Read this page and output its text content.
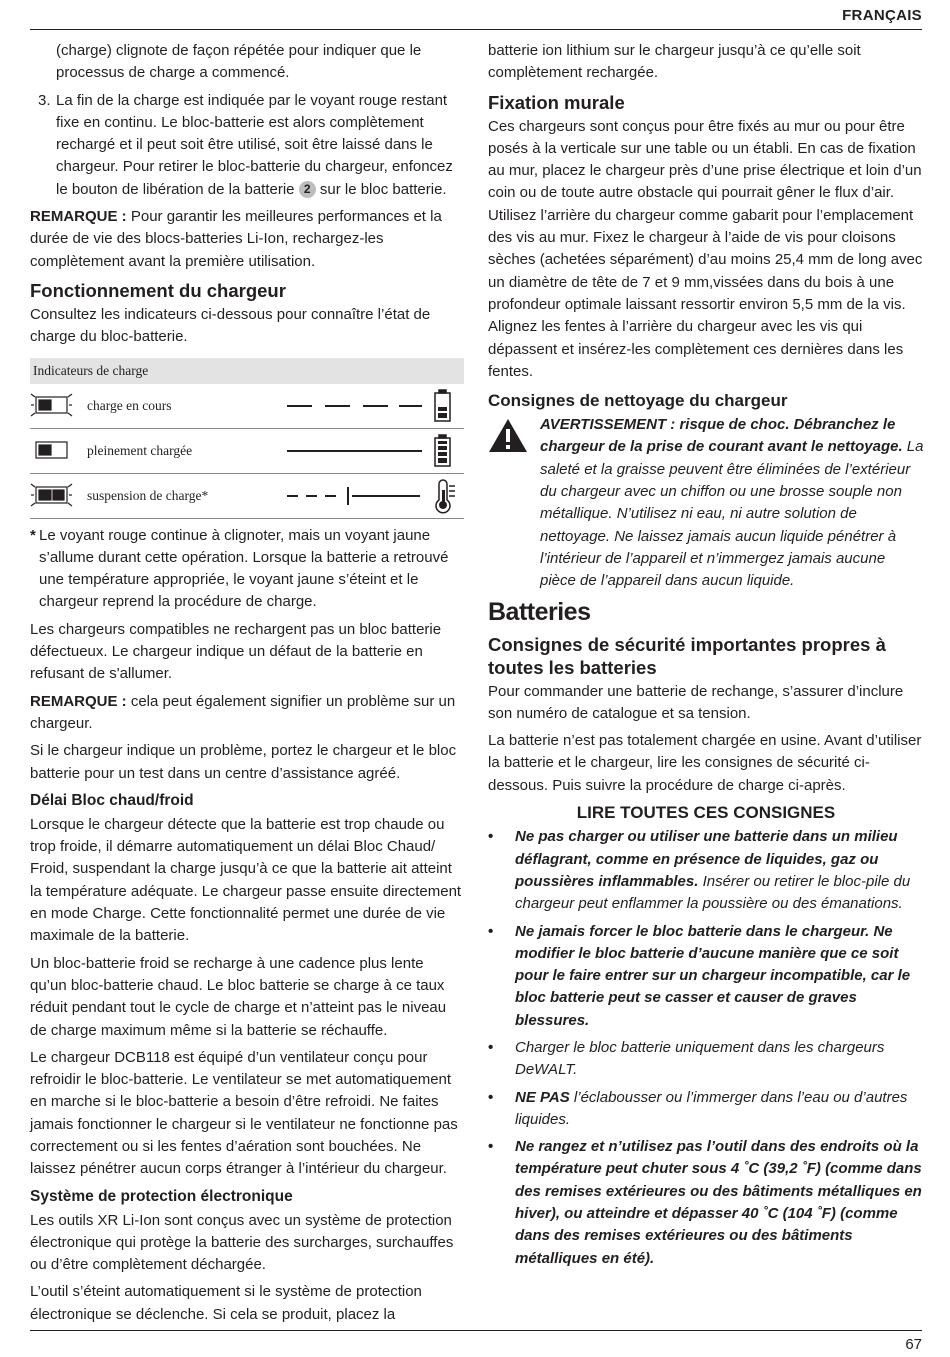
FRANÇAIS

(charge) clignote de façon répétée pour indiquer que le processus de charge a commencé.

3. La fin de la charge est indiquée par le voyant rouge restant fixe en continu. Le bloc-batterie est alors complètement rechargé et il peut soit être utilisé, soit être laissé dans le chargeur. Pour retirer le bloc-batterie du chargeur, enfoncez le bouton de libération de la batterie 2 sur le bloc batterie.

REMARQUE : Pour garantir les meilleures performances et la durée de vie des blocs-batteries Li-Ion, rechargez-les complètement avant la première utilisation.

Fonctionnement du chargeur

Consultez les indicateurs ci-dessous pour connaître l’état de charge du bloc-batterie.

Indicateurs de charge
charge en cours
pleinement chargée
suspension de charge*

* Le voyant rouge continue à clignoter, mais un voyant jaune s’allume durant cette opération. Lorsque la batterie a retrouvé une température appropriée, le voyant jaune s’éteint et le chargeur reprend la procédure de charge.

Les chargeurs compatibles ne rechargent pas un bloc batterie défectueux. Le chargeur indique un défaut de la batterie en refusant de s'allumer.

REMARQUE : cela peut également signifier un problème sur un chargeur.

Si le chargeur indique un problème, portez le chargeur et le bloc batterie pour un test dans un centre d’assistance agréé.

Délai Bloc chaud/froid

Lorsque le chargeur détecte que la batterie est trop chaude ou trop froide, il démarre automatiquement un délai Bloc Chaud/ Froid, suspendant la charge jusqu’à ce que la batterie ait atteint la température adéquate. Le chargeur passe ensuite directement en mode Charge. Cette fonctionnalité permet une durée de vie maximale de la batterie.

Un bloc-batterie froid se recharge à une cadence plus lente qu’un bloc-batterie chaud. Le bloc batterie se charge à ce taux réduit pendant tout le cycle de charge et n’atteint pas le niveau de charge maximum même si la batterie se réchauffe.

Le chargeur DCB118 est équipé d’un ventilateur conçu pour refroidir le bloc-batterie. Le ventilateur se met automatiquement en marche si le bloc-batterie a besoin d’être refroidi. Ne faites jamais fonctionner le chargeur si le ventilateur ne fonctionne pas correctement ou si les fentes d’aération sont bouchées. Ne laissez pénétrer aucun corps étranger à l’intérieur du chargeur.

Système de protection électronique

Les outils XR Li-Ion sont conçus avec un système de protection électronique qui protège la batterie des surcharges, surchauffes ou d’être complètement déchargée.

L’outil s’éteint automatiquement si le système de protection électronique se déclenche. Si cela se produit, placez la

batterie ion lithium sur le chargeur jusqu’à ce qu’elle soit complètement rechargée.

Fixation murale

Ces chargeurs sont conçus pour être fixés au mur ou pour être posés à la verticale sur une table ou un établi. En cas de fixation au mur, placez le chargeur près d’une prise électrique et loin d’un coin ou de toute autre obstacle qui pourrait gêner le flux d’air. Utilisez l’arrière du chargeur comme gabarit pour l’emplacement des vis au mur. Fixez le chargeur à l’aide de vis pour cloisons sèches (achetées séparément) d’au moins 25,4 mm de long avec un diamètre de tête de 7 et 9 mm,vissées dans du bois à une profondeur optimale laissant ressortir environ 5,5 mm de la vis. Alignez les fentes à l’arrière du chargeur avec les vis qui dépassent et insérez-les complètement ces dernières dans les fentes.

Consignes de nettoyage du chargeur

AVERTISSEMENT : risque de choc. Débranchez le chargeur de la prise de courant avant le nettoyage. La saleté et la graisse peuvent être éliminées de l’extérieur du chargeur avec un chiffon ou une brosse souple non métallique. N’utilisez ni eau, ni autre solution de nettoyage. Ne laissez jamais aucun liquide pénétrer à l’intérieur de l’appareil et n’immergez jamais aucune pièce de l’appareil dans aucun liquide.

Batteries
Consignes de sécurité importantes propres à toutes les batteries

Pour commander une batterie de rechange, s’assurer d’inclure son numéro de catalogue et sa tension.

La batterie n’est pas totalement chargée en usine. Avant d’utiliser la batterie et le chargeur, lire les consignes de sécurité ci-dessous. Puis suivre la procédure de charge ci-après.

LIRE TOUTES CES CONSIGNES
• Ne pas charger ou utiliser une batterie dans un milieu déflagrant, comme en présence de liquides, gaz ou poussières inflammables. Insérer ou retirer le bloc-pile du chargeur peut enflammer la poussière ou des émanations.
• Ne jamais forcer le bloc batterie dans le chargeur. Ne modifier le bloc batterie d’aucune manière que ce soit pour le faire entrer sur un chargeur incompatible, car le bloc batterie peut se casser et causer de graves blessures.
• Charger le bloc batterie uniquement dans les chargeurs DeWALT.
• NE PAS l’éclabousser ou l’immerger dans l’eau ou d’autres liquides.
• Ne rangez et n’utilisez pas l’outil dans des endroits où la température peut chuter sous 4 ˚C (39,2 ˚F) (comme dans des remises extérieures ou des bâtiments métalliques en hiver), ou atteindre et dépasser 40 ˚C (104 ˚F) (comme dans des remises extérieures ou des bâtiments métalliques en été).
67
